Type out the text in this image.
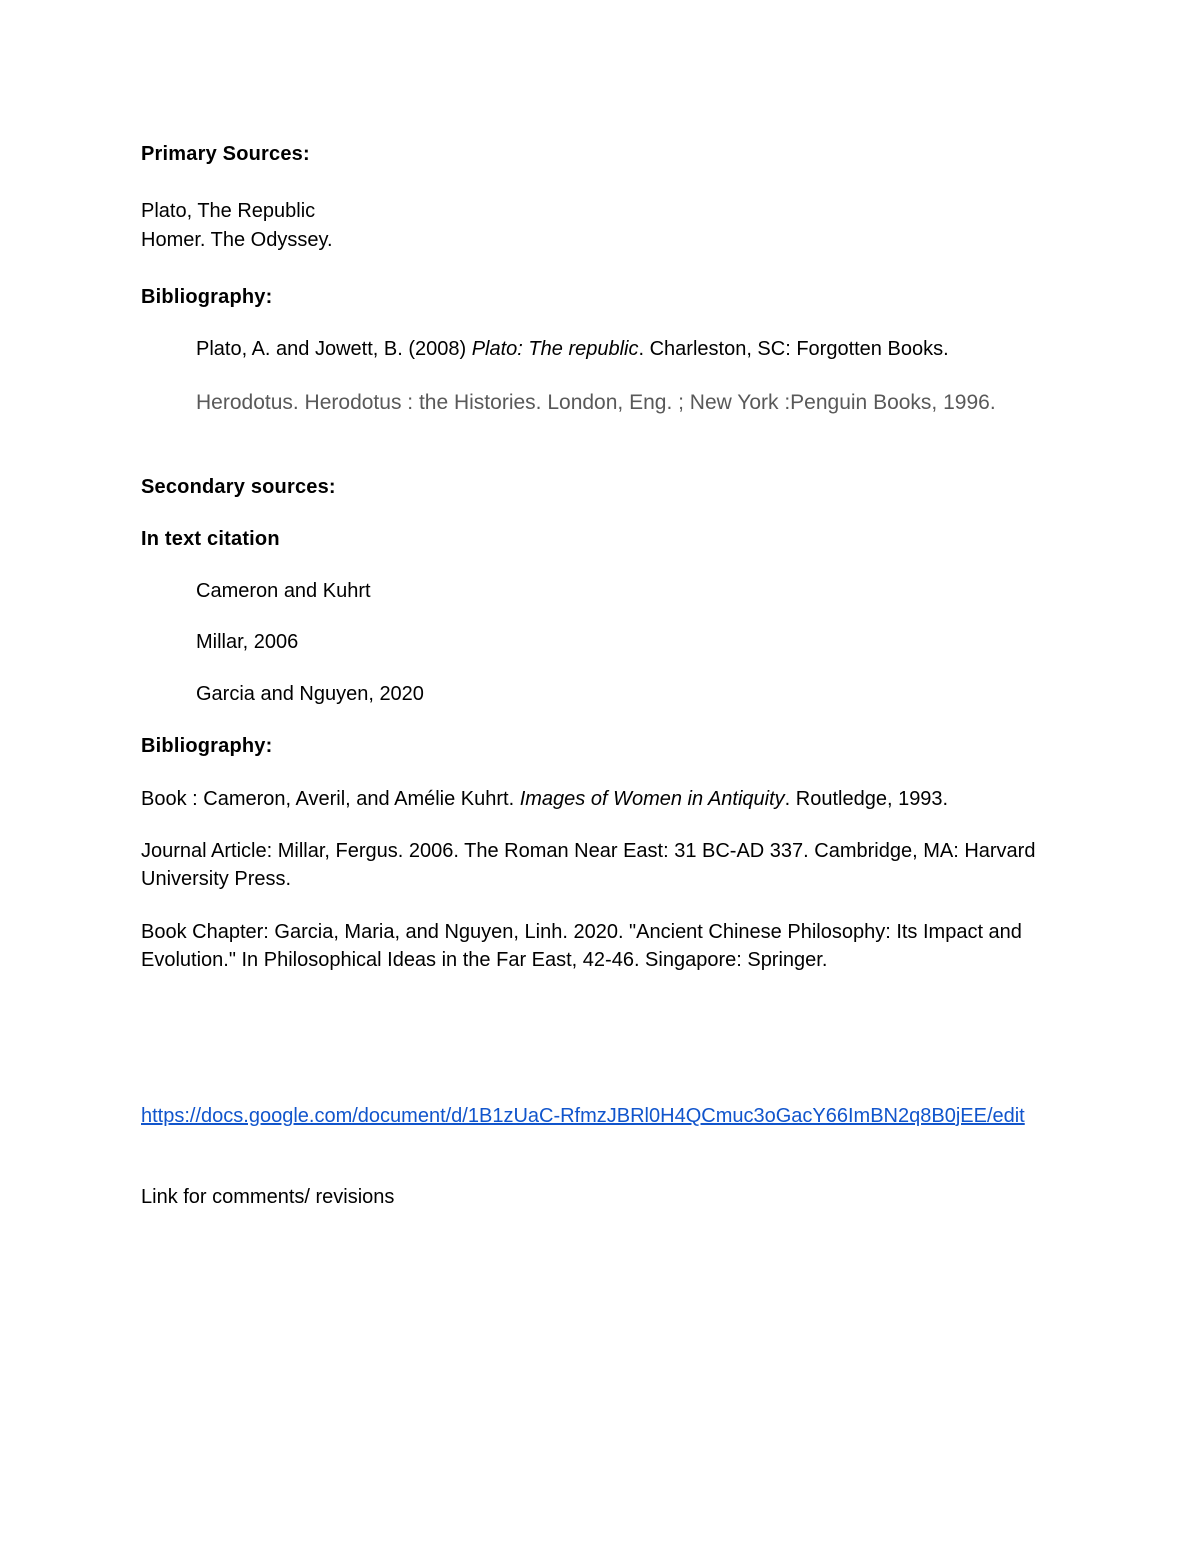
Primary Sources:

Plato, The Republic

Homer. The Odyssey.

Bibliography:

Plato, A. and Jowett, B. (2008) Plato: The republic. Charleston, SC: Forgotten Books.

Herodotus. Herodotus : the Histories. London, Eng. ; New York :Penguin Books, 1996.

Secondary sources:

In text citation

Cameron and Kuhrt

Millar, 2006

Garcia and Nguyen, 2020

Bibliography:

Book : Cameron, Averil, and Amélie Kuhrt. Images of Women in Antiquity. Routledge, 1993.

Journal Article: Millar, Fergus. 2006. The Roman Near East: 31 BC-AD 337. Cambridge, MA: Harvard University Press.

Book Chapter: Garcia, Maria, and Nguyen, Linh. 2020. "Ancient Chinese Philosophy: Its Impact and Evolution." In Philosophical Ideas in the Far East, 42-46. Singapore: Springer.

https://docs.google.com/document/d/1B1zUaC-RfmzJBRl0H4QCmuc3oGacY66ImBN2q8B0jEE/edit

Link for comments/ revisions
